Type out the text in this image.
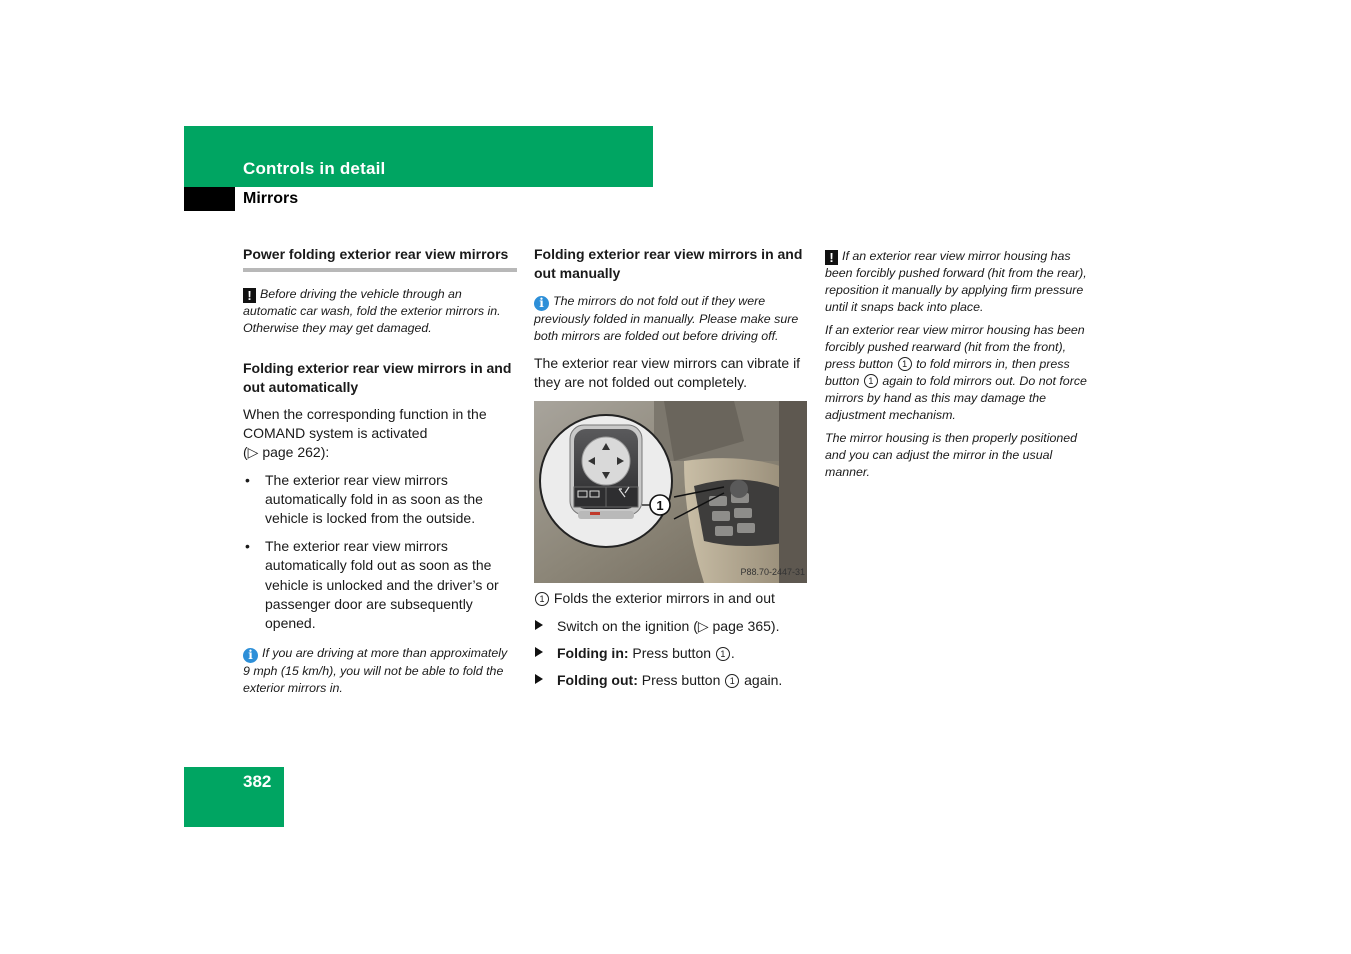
Controls in detail
Mirrors
Power folding exterior rear view mirrors

! Before driving the vehicle through an automatic car wash, fold the exterior mirrors in. Otherwise they may get damaged.

Folding exterior rear view mirrors in and out automatically

When the corresponding function in the COMAND system is activated
(▷ page 262):

• The exterior rear view mirrors automatically fold in as soon as the vehicle is locked from the outside.
• The exterior rear view mirrors automatically fold out as soon as the vehicle is unlocked and the driver’s or passenger door are subsequently opened.

i If you are driving at more than approximately 9 mph (15 km/h), you will not be able to fold the exterior mirrors in.

Folding exterior rear view mirrors in and out manually

i The mirrors do not fold out if they were previously folded in manually. Please make sure both mirrors are folded out before driving off.

The exterior rear view mirrors can vibrate if they are not folded out completely.

1
P88.70-2447-31

1 Folds the exterior mirrors in and out

Switch on the ignition (▷ page 365).
Folding in: Press button 1 .
Folding out: Press button 1 again.

! If an exterior rear view mirror housing has been forcibly pushed forward (hit from the rear), reposition it manually by applying firm pressure until it snaps back into place.

If an exterior rear view mirror housing has been forcibly pushed rearward (hit from the front), press button 1 to fold mirrors in, then press button 1 again to fold mirrors out. Do not force mirrors by hand as this may damage the adjustment mechanism.

The mirror housing is then properly positioned and you can adjust the mirror in the usual manner.

382
